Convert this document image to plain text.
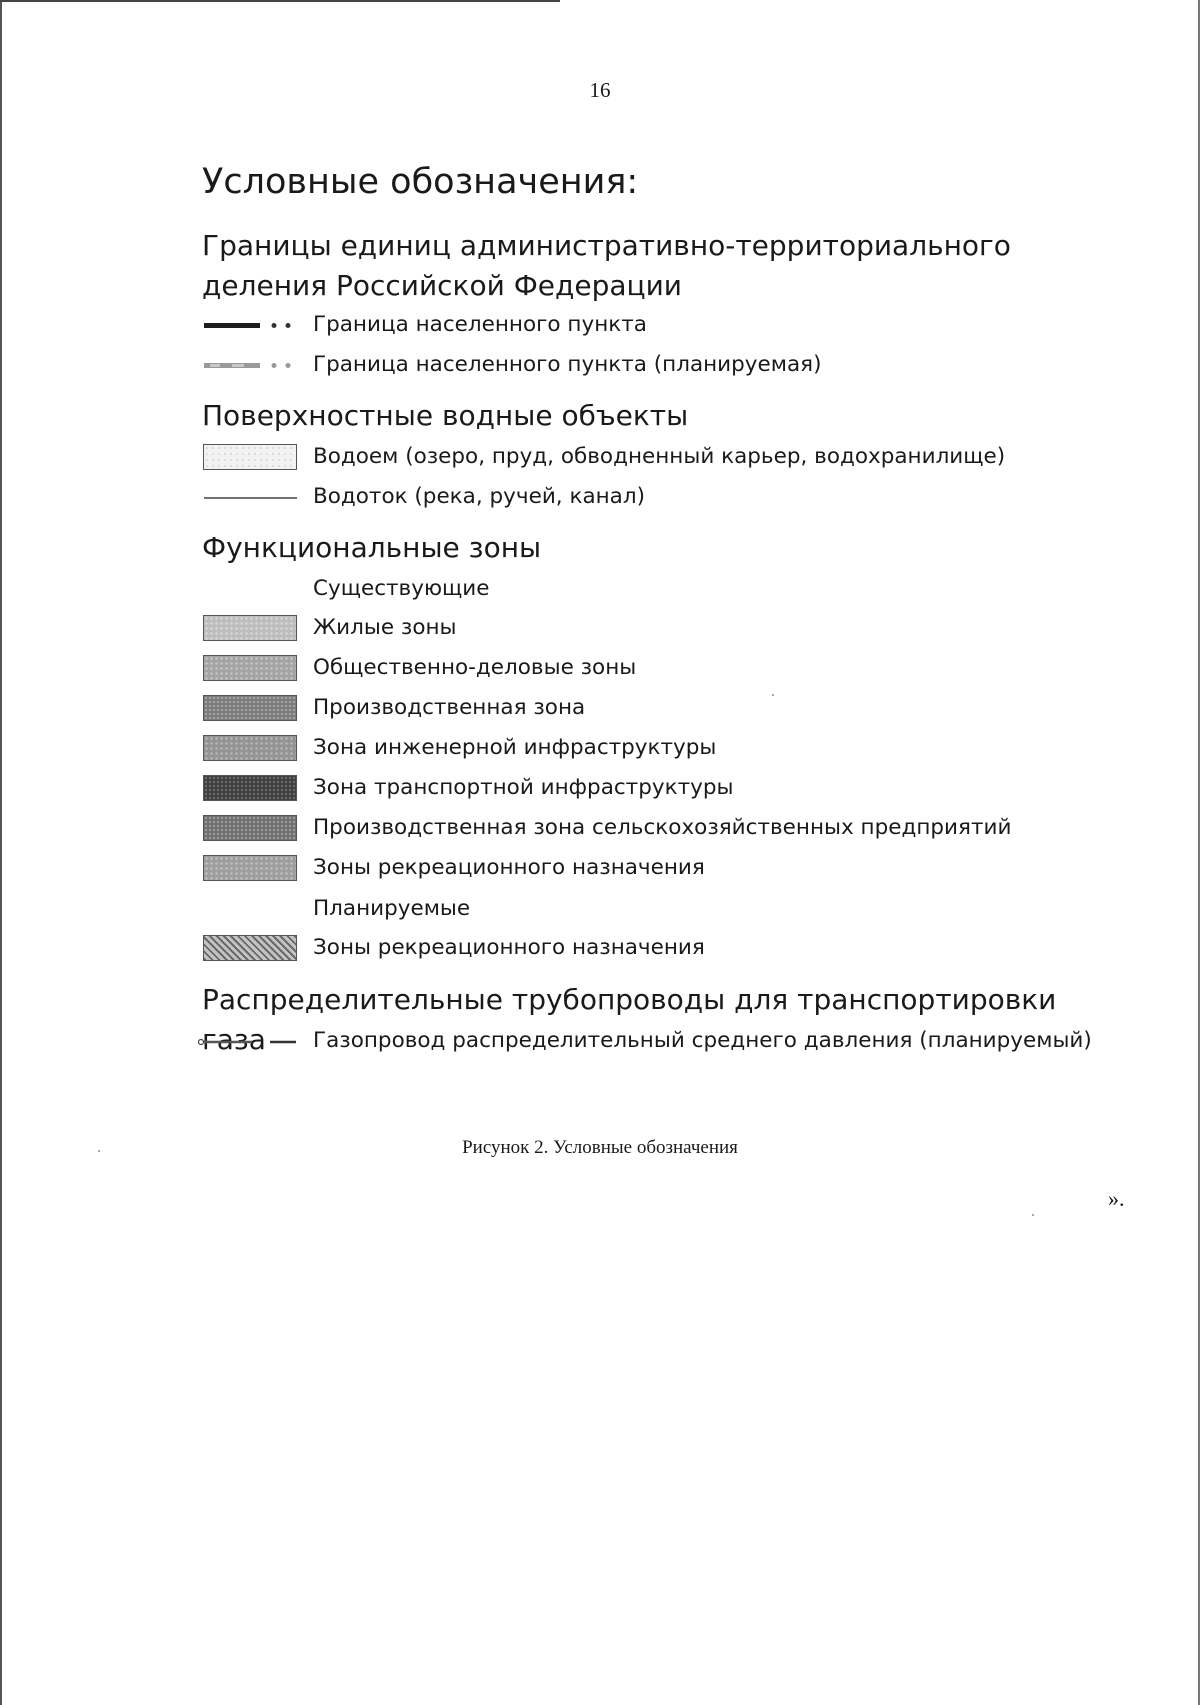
16
Условные обозначения:
Границы единиц административно-территориального деления Российской Федерации
Граница населенного пункта
Граница населенного пункта (планируемая)
Поверхностные водные объекты
Водоем (озеро, пруд, обводненный карьер, водохранилище)
Водоток (река, ручей, канал)
Функциональные зоны
Существующие
Жилые зоны
Общественно-деловые зоны
Производственная зона
Зона инженерной инфраструктуры
Зона транспортной инфраструктуры
Производственная зона сельскохозяйственных предприятий
Зоны рекреационного назначения
Планируемые
Зоны рекреационного назначения
Распределительные трубопроводы для транспортировки газа	Газопровод распределительный среднего давления (планируемый)
Рисунок 2. Условные обозначения
».
